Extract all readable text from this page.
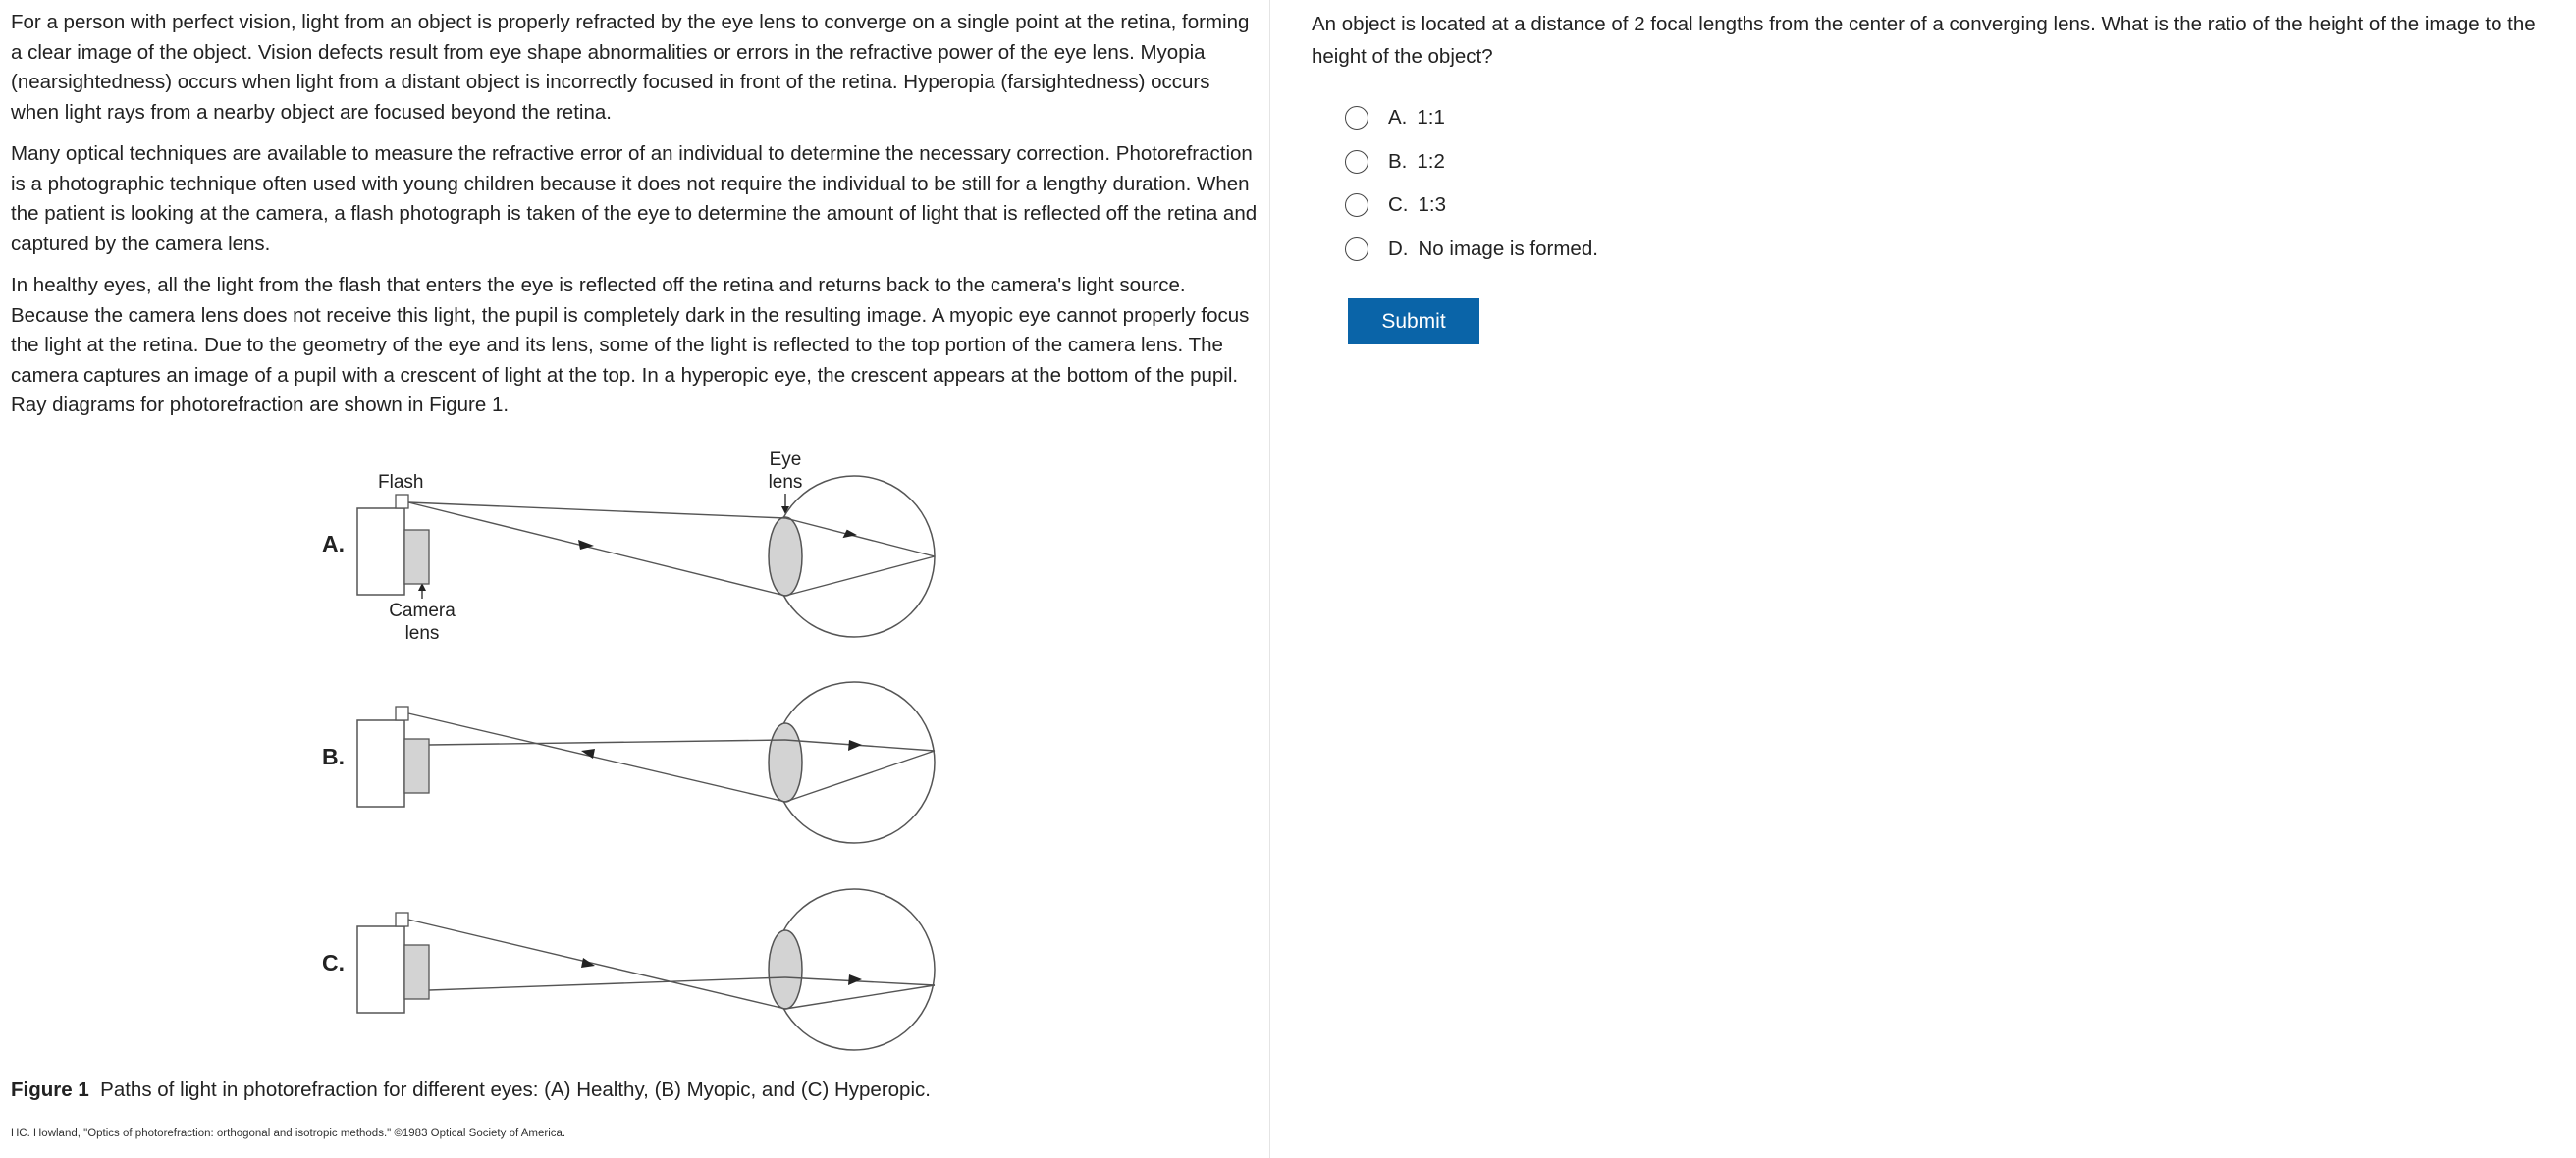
For a person with perfect vision, light from an object is properly refracted by the eye lens to converge on a single point at the retina, forming a clear image of the object. Vision defects result from eye shape abnormalities or errors in the refractive power of the eye lens. Myopia (nearsightedness) occurs when light from a distant object is incorrectly focused in front of the retina. Hyperopia (farsightedness) occurs when light rays from a nearby object are focused beyond the retina.

Many optical techniques are available to measure the refractive error of an individual to determine the necessary correction. Photorefraction is a photographic technique often used with young children because it does not require the individual to be still for a lengthy duration. When the patient is looking at the camera, a flash photograph is taken of the eye to determine the amount of light that is reflected off the retina and captured by the camera lens.

In healthy eyes, all the light from the flash that enters the eye is reflected off the retina and returns back to the camera's light source. Because the camera lens does not receive this light, the pupil is completely dark in the resulting image. A myopic eye cannot properly focus the light at the retina. Due to the geometry of the eye and its lens, some of the light is reflected to the top portion of the camera lens. The camera captures an image of a pupil with a crescent of light at the top. In a hyperopic eye, the crescent appears at the bottom of the pupil. Ray diagrams for photorefraction are shown in Figure 1.

Flash
Eye
lens
A.
B.
C.
Camera
lens
Figure 1 Paths of light in photorefraction for different eyes: (A) Healthy, (B) Myopic, and (C) Hyperopic.
HC. Howland, "Optics of photorefraction: orthogonal and isotropic methods." ©1983 Optical Society of America.

An object is located at a distance of 2 focal lengths from the center of a converging lens. What is the ratio of the height of the image to the height of the object?

A. 1:1
B. 1:2
C. 1:3
D. No image is formed.
Submit
